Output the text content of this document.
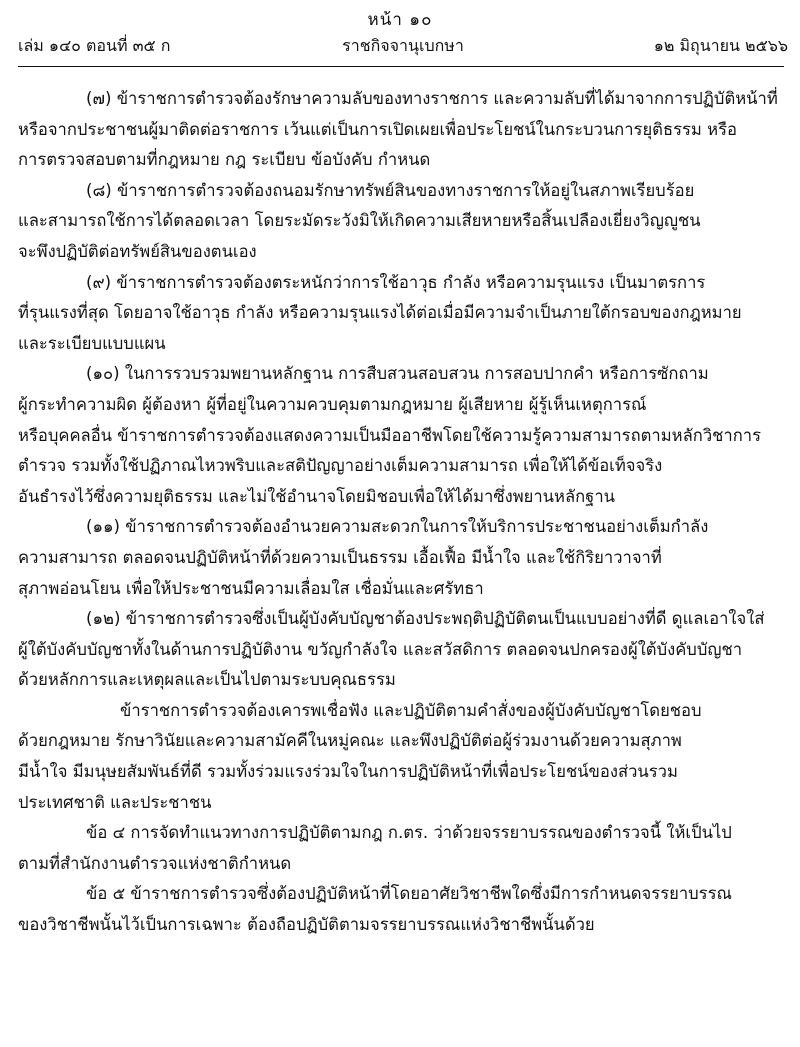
หน้า ๑๐
เล่ม ๑๔๐ ตอนที่ ๓๕ ก	ราชกิจจานุเบกษา	๑๒ มิถุนายน ๒๕๖๖

(๗) ข้าราชการตำรวจต้องรักษาความลับของทางราชการ และความลับที่ได้มาจากการปฏิบัติหน้าที่
หรือจากประชาชนผู้มาติดต่อราชการ เว้นแต่เป็นการเปิดเผยเพื่อประโยชน์ในกระบวนการยุติธรรม หรือ
การตรวจสอบตามที่กฎหมาย กฎ ระเบียบ ข้อบังคับ กำหนด

(๘) ข้าราชการตำรวจต้องถนอมรักษาทรัพย์สินของทางราชการให้อยู่ในสภาพเรียบร้อย
และสามารถใช้การได้ตลอดเวลา โดยระมัดระวังมิให้เกิดความเสียหายหรือสิ้นเปลืองเยี่ยงวิญญูชน
จะพึงปฏิบัติต่อทรัพย์สินของตนเอง

(๙) ข้าราชการตำรวจต้องตระหนักว่าการใช้อาวุธ กำลัง หรือความรุนแรง เป็นมาตรการ
ที่รุนแรงที่สุด โดยอาจใช้อาวุธ กำลัง หรือความรุนแรงได้ต่อเมื่อมีความจำเป็นภายใต้กรอบของกฎหมาย
และระเบียบแบบแผน

(๑๐) ในการรวบรวมพยานหลักฐาน การสืบสวนสอบสวน การสอบปากคำ หรือการซักถาม
ผู้กระทำความผิด ผู้ต้องหา ผู้ที่อยู่ในความควบคุมตามกฎหมาย ผู้เสียหาย ผู้รู้เห็นเหตุการณ์
หรือบุคคลอื่น ข้าราชการตำรวจต้องแสดงความเป็นมืออาชีพโดยใช้ความรู้ความสามารถตามหลักวิชาการ
ตำรวจ รวมทั้งใช้ปฏิภาณไหวพริบและสติปัญญาอย่างเต็มความสามารถ เพื่อให้ได้ข้อเท็จจริง
อันธำรงไว้ซึ่งความยุติธรรม และไม่ใช้อำนาจโดยมิชอบเพื่อให้ได้มาซึ่งพยานหลักฐาน

(๑๑) ข้าราชการตำรวจต้องอำนวยความสะดวกในการให้บริการประชาชนอย่างเต็มกำลัง
ความสามารถ ตลอดจนปฏิบัติหน้าที่ด้วยความเป็นธรรม เอื้อเฟื้อ มีน้ำใจ และใช้กิริยาวาจาที่
สุภาพอ่อนโยน เพื่อให้ประชาชนมีความเลื่อมใส เชื่อมั่นและศรัทธา

(๑๒) ข้าราชการตำรวจซึ่งเป็นผู้บังคับบัญชาต้องประพฤติปฏิบัติตนเป็นแบบอย่างที่ดี ดูแลเอาใจใส่
ผู้ใต้บังคับบัญชาทั้งในด้านการปฏิบัติงาน ขวัญกำลังใจ และสวัสดิการ ตลอดจนปกครองผู้ใต้บังคับบัญชา
ด้วยหลักการและเหตุผลและเป็นไปตามระบบคุณธรรม

ข้าราชการตำรวจต้องเคารพเชื่อฟัง และปฏิบัติตามคำสั่งของผู้บังคับบัญชาโดยชอบ
ด้วยกฎหมาย รักษาวินัยและความสามัคคีในหมู่คณะ และพึงปฏิบัติต่อผู้ร่วมงานด้วยความสุภาพ
มีน้ำใจ มีมนุษยสัมพันธ์ที่ดี รวมทั้งร่วมแรงร่วมใจในการปฏิบัติหน้าที่เพื่อประโยชน์ของส่วนรวม
ประเทศชาติ และประชาชน

ข้อ ๔ การจัดทำแนวทางการปฏิบัติตามกฎ ก.ตร. ว่าด้วยจรรยาบรรณของตำรวจนี้ ให้เป็นไป
ตามที่สำนักงานตำรวจแห่งชาติกำหนด

ข้อ ๕ ข้าราชการตำรวจซึ่งต้องปฏิบัติหน้าที่โดยอาศัยวิชาชีพใดซึ่งมีการกำหนดจรรยาบรรณ
ของวิชาชีพนั้นไว้เป็นการเฉพาะ ต้องถือปฏิบัติตามจรรยาบรรณแห่งวิชาชีพนั้นด้วย
